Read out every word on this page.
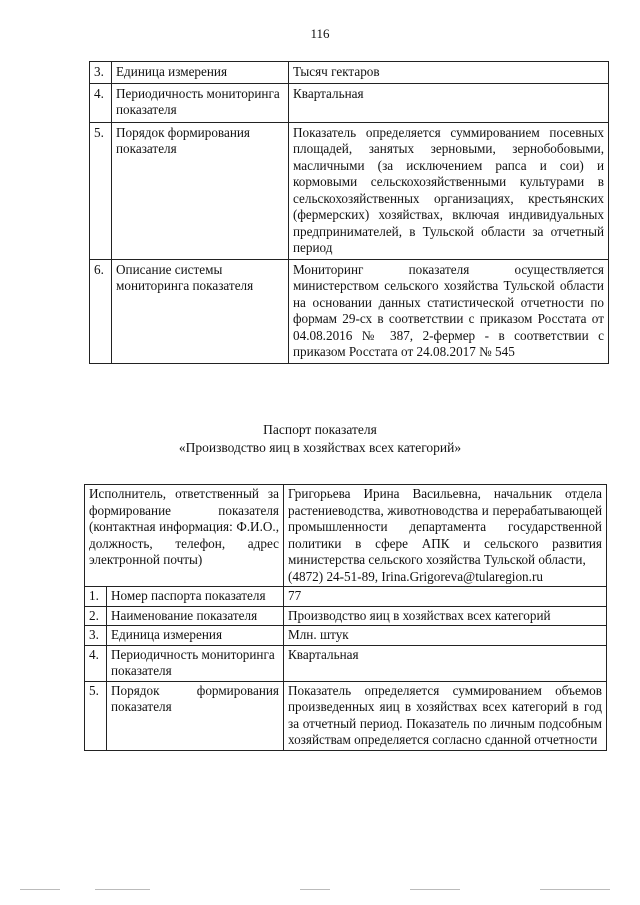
116
3.	Единица измерения	Тысяч гектаров
4.	Периодичность мониторинга показателя	Квартальная
5.	Порядок формирования показателя	Показатель определяется суммированием посевных площадей, занятых зерновыми, зернобобовыми, масличными (за исключением рапса и сои) и кормовыми сельскохозяйственными культурами в сельскохозяйственных организациях, крестьянских (фермерских) хозяйствах, включая индивидуальных предпринимателей, в Тульской области за отчетный период
6.	Описание системы мониторинга показателя	Мониторинг показателя осуществляется министерством сельского хозяйства Тульской области на основании данных статистической отчетности по формам 29-сх в соответствии с приказом Росстата от 04.08.2016 № 387, 2-фермер - в соответствии с приказом Росстата от 24.08.2017 № 545
Паспорт показателя
«Производство яиц в хозяйствах всех категорий»
Исполнитель, ответственный за формирование показателя (контактная информация: Ф.И.О., должность, телефон, адрес электронной почты)		Григорьева Ирина Васильевна, начальник отдела растениеводства, животноводства и перерабатывающей промышленности департамента государственной политики в сфере АПК и сельского развития министерства сельского хозяйства Тульской области,
(4872) 24-51-89, Irina.Grigoreva@tularegion.ru
1.	Номер паспорта показателя	77
2.	Наименование показателя	Производство яиц в хозяйствах всех категорий
3.	Единица измерения	Млн. штук
4.	Периодичность мониторинга показателя	Квартальная
5.	Порядок формирования показателя	Показатель определяется суммированием объемов произведенных яиц в хозяйствах всех категорий в год за отчетный период. Показатель по личным подсобным хозяйствам определяется согласно сданной отчетности
